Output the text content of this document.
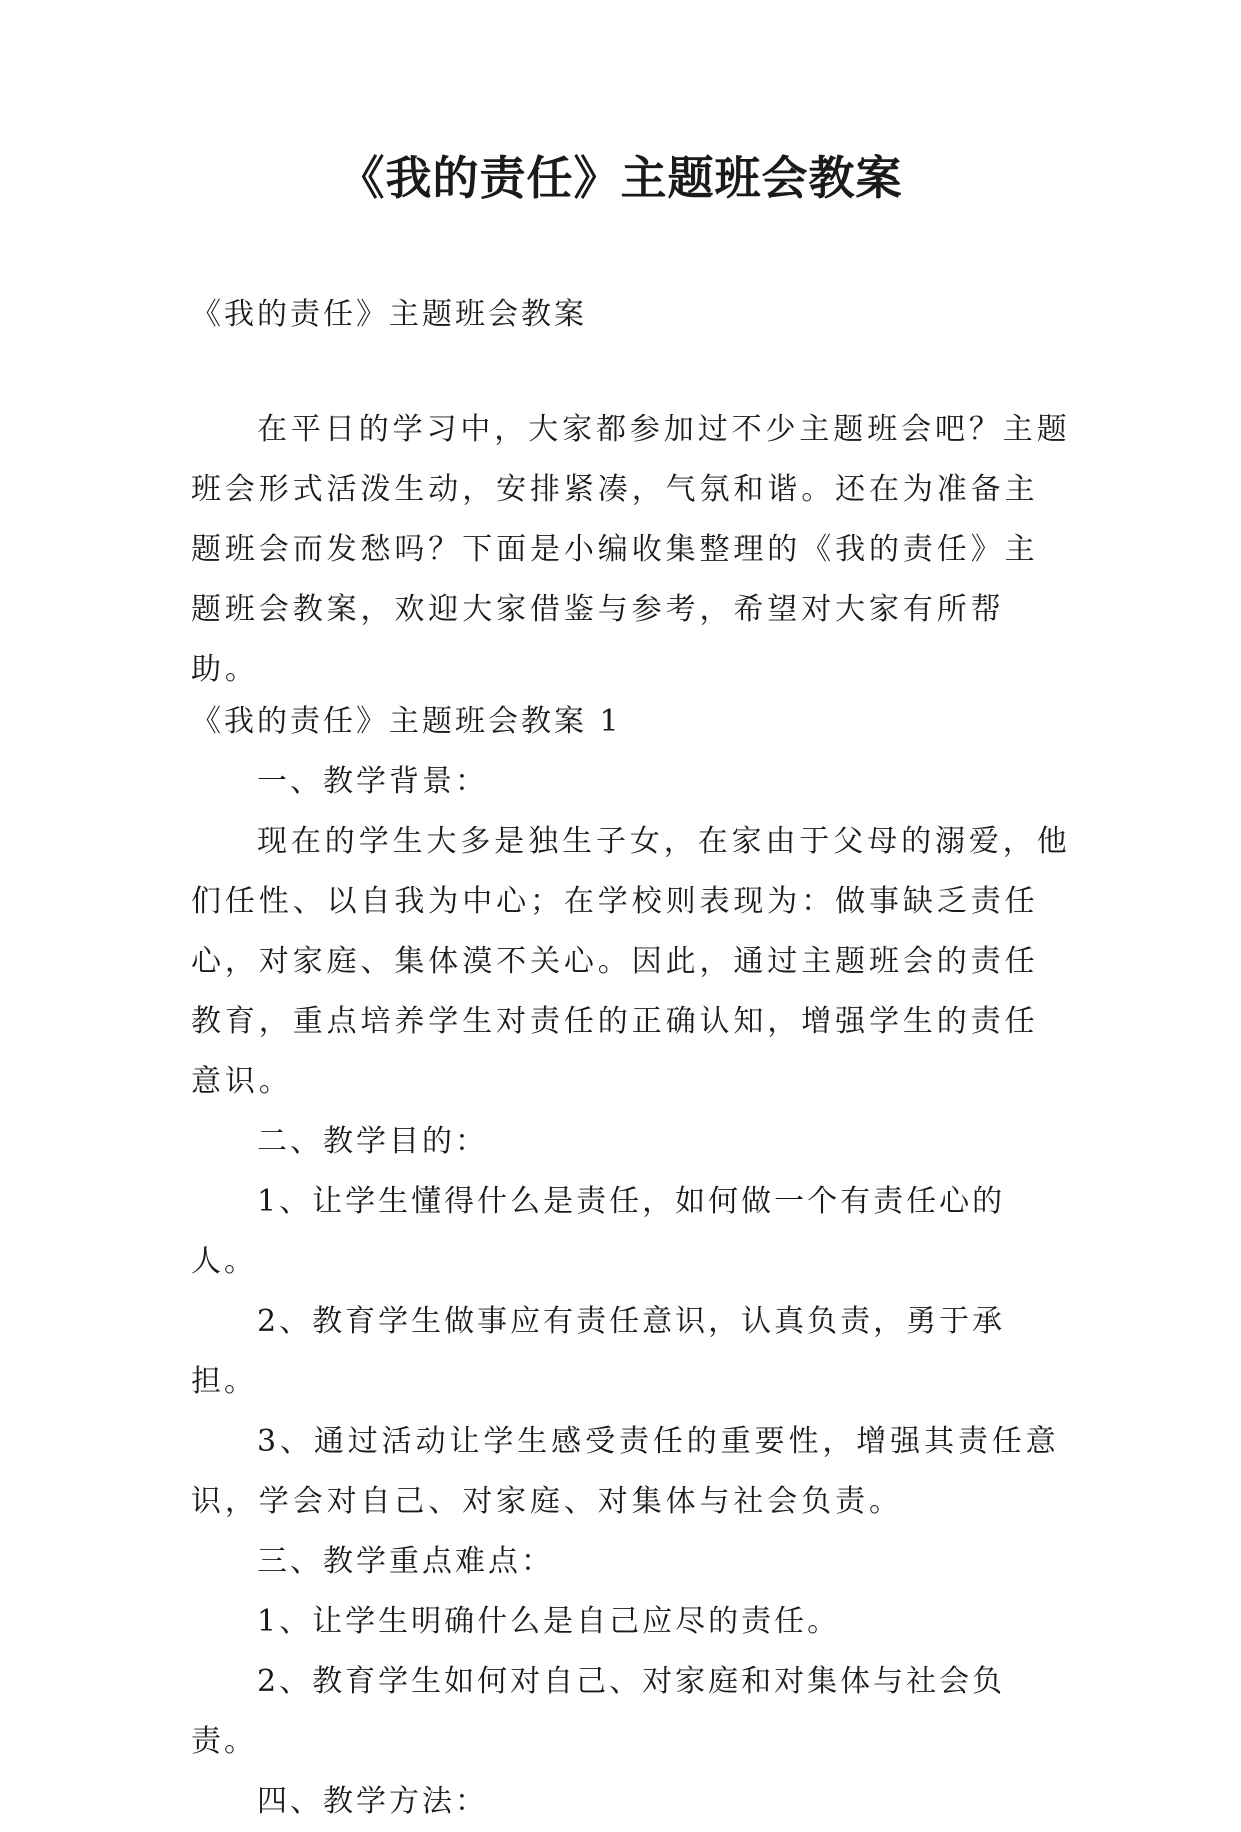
《我的责任》主题班会教案

《我的责任》主题班会教案

在平日的学习中，大家都参加过不少主题班会吧？主题班会形式活泼生动，安排紧凑，气氛和谐。还在为准备主题班会而发愁吗？下面是小编收集整理的《我的责任》主题班会教案，欢迎大家借鉴与参考，希望对大家有所帮助。

《我的责任》主题班会教案 1

一、教学背景：

现在的学生大多是独生子女，在家由于父母的溺爱，他们任性、以自我为中心；在学校则表现为：做事缺乏责任心，对家庭、集体漠不关心。因此，通过主题班会的责任教育，重点培养学生对责任的正确认知，增强学生的责任意识。

二、教学目的：

1、让学生懂得什么是责任，如何做一个有责任心的人。

2、教育学生做事应有责任意识，认真负责，勇于承担。

3、通过活动让学生感受责任的重要性，增强其责任意识，学会对自己、对家庭、对集体与社会负责。

三、教学重点难点：

1、让学生明确什么是自己应尽的责任。

2、教育学生如何对自己、对家庭和对集体与社会负责。

四、教学方法：
